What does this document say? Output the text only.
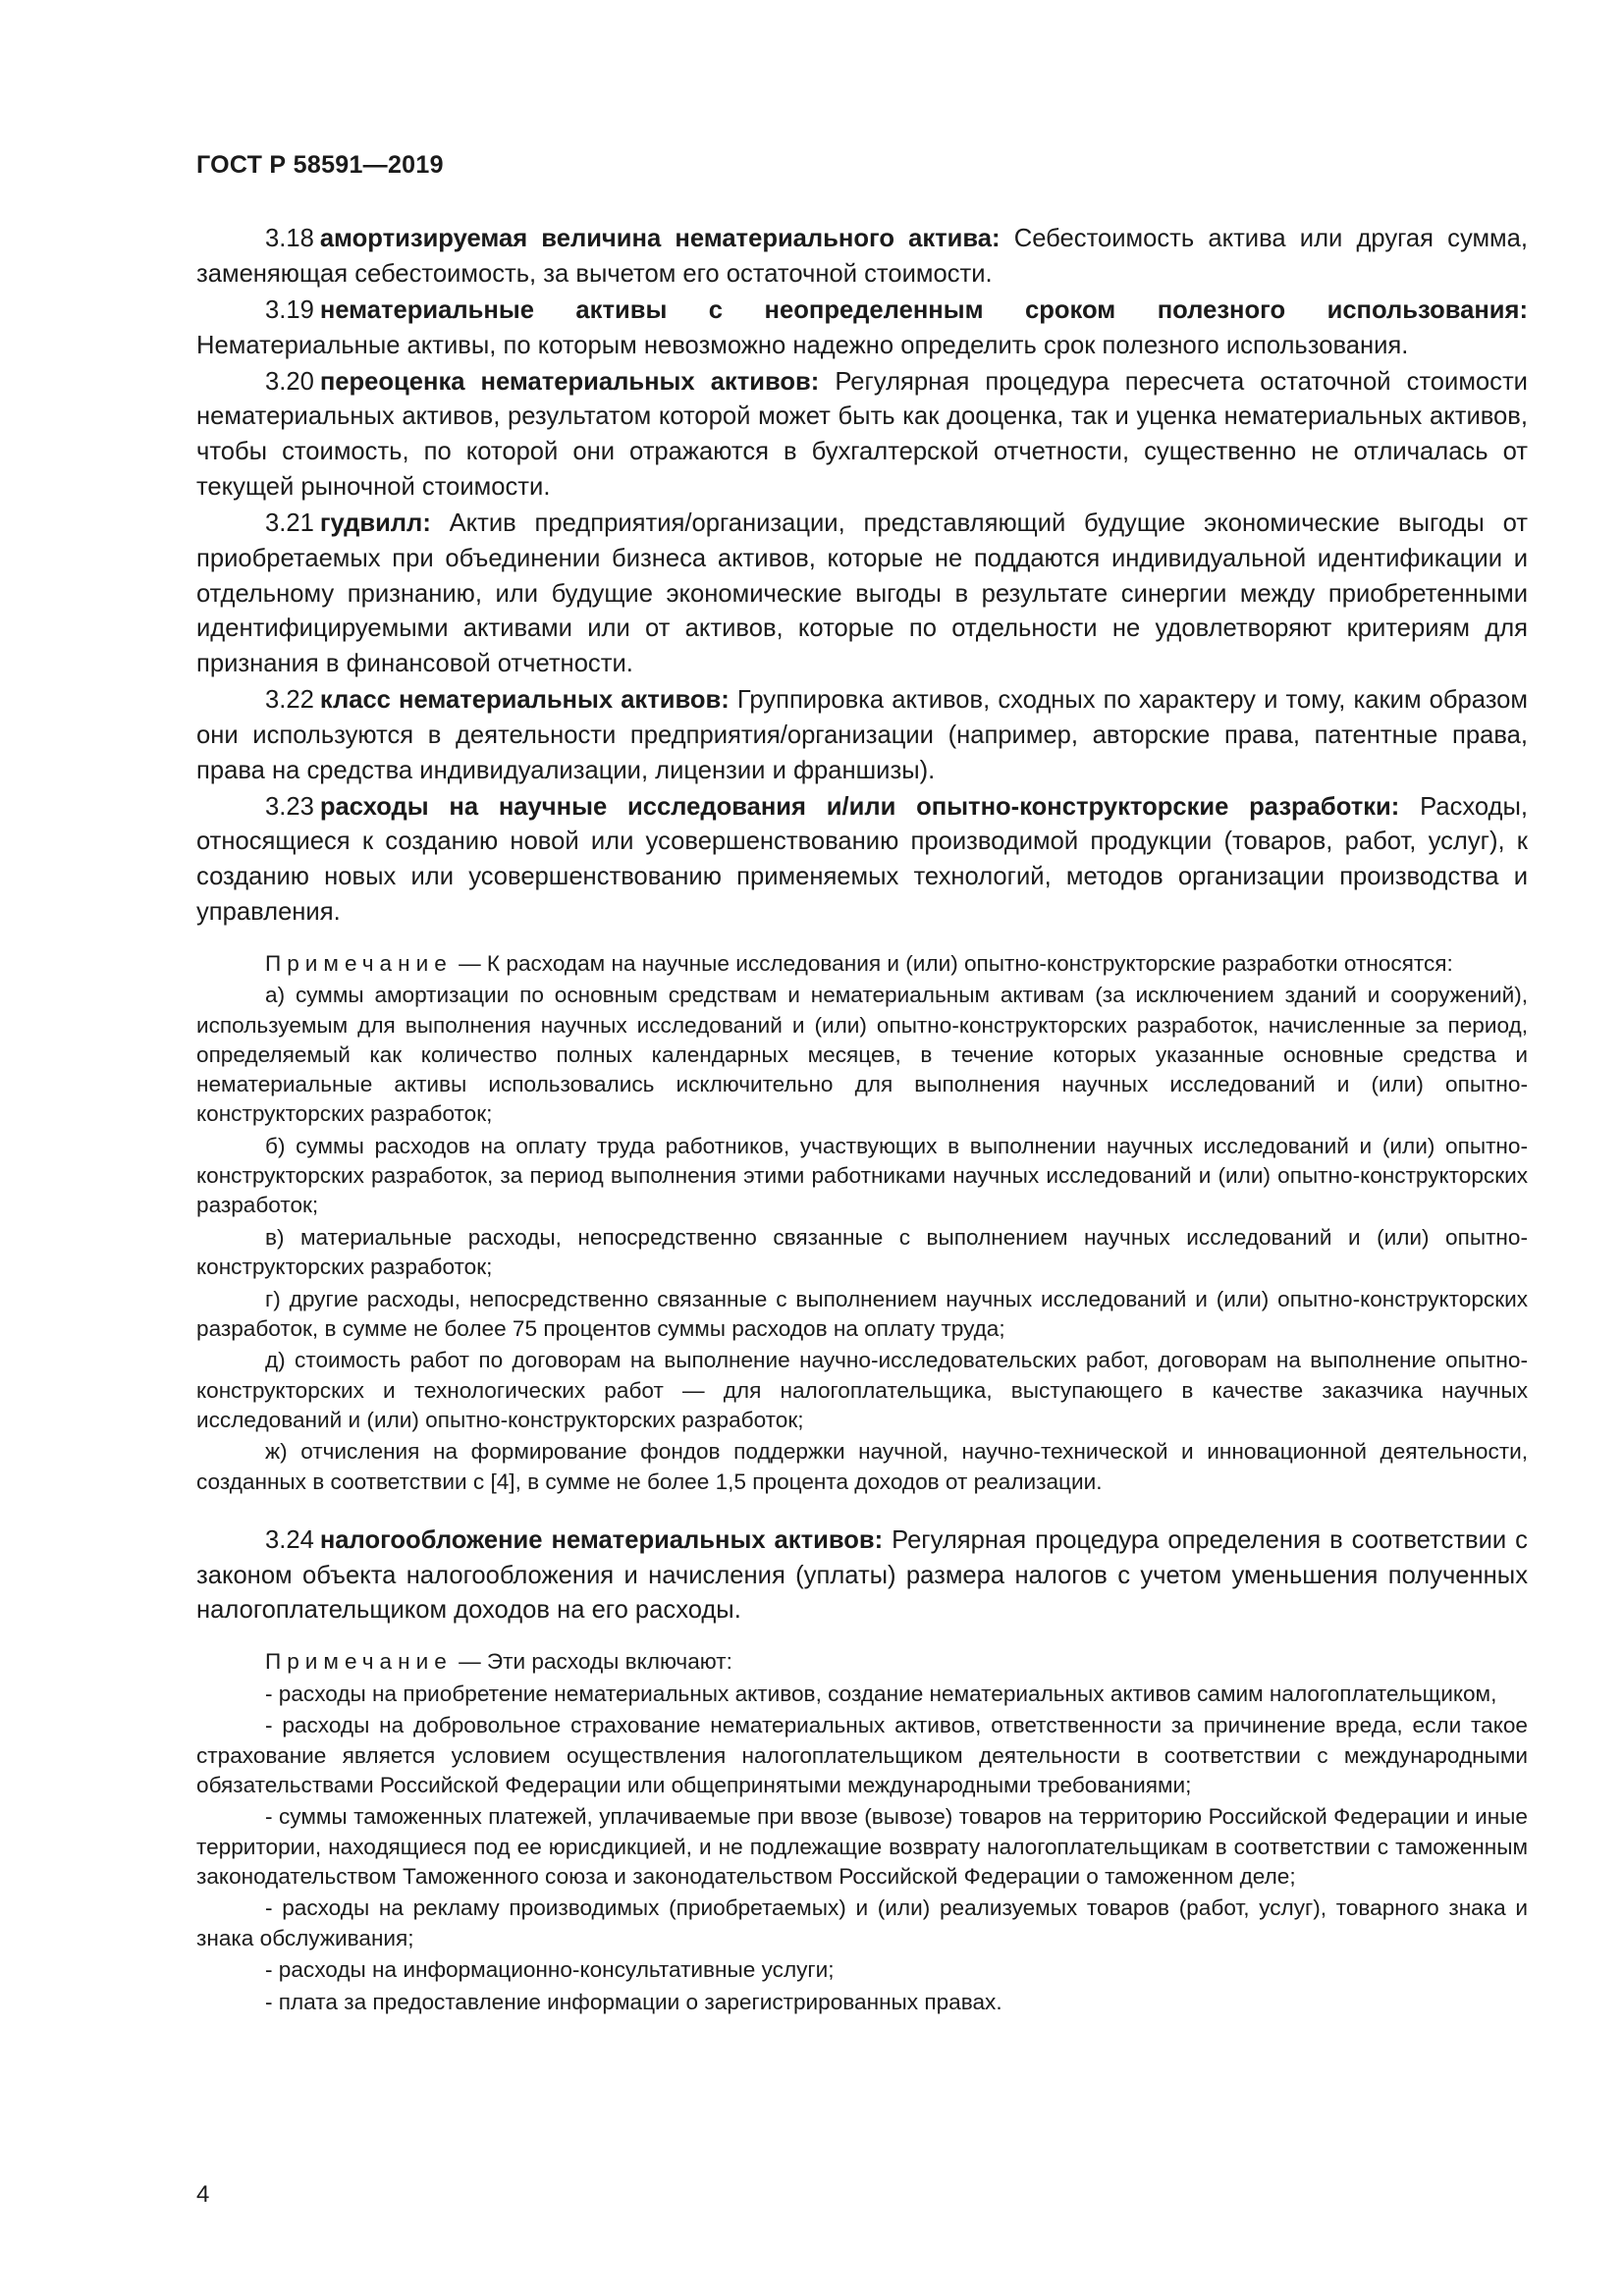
ГОСТ Р 58591—2019

3.18 амортизируемая величина нематериального актива: Себестоимость актива или другая сумма, заменяющая себестоимость, за вычетом его остаточной стоимости.

3.19 нематериальные активы с неопределенным сроком полезного использования: Нематериальные активы, по которым невозможно надежно определить срок полезного использования.

3.20 переоценка нематериальных активов: Регулярная процедура пересчета остаточной стоимости нематериальных активов, результатом которой может быть как дооценка, так и уценка нематериальных активов, чтобы стоимость, по которой они отражаются в бухгалтерской отчетности, существенно не отличалась от текущей рыночной стоимости.

3.21 гудвилл: Актив предприятия/организации, представляющий будущие экономические выгоды от приобретаемых при объединении бизнеса активов, которые не поддаются индивидуальной идентификации и отдельному признанию, или будущие экономические выгоды в результате синергии между приобретенными идентифицируемыми активами или от активов, которые по отдельности не удовлетворяют критериям для признания в финансовой отчетности.

3.22 класс нематериальных активов: Группировка активов, сходных по характеру и тому, каким образом они используются в деятельности предприятия/организации (например, авторские права, патентные права, права на средства индивидуализации, лицензии и франшизы).

3.23 расходы на научные исследования и/или опытно-конструкторские разработки: Расходы, относящиеся к созданию новой или усовершенствованию производимой продукции (товаров, работ, услуг), к созданию новых или усовершенствованию применяемых технологий, методов организации производства и управления.

Примечание — К расходам на научные исследования и (или) опытно-конструкторские разработки относятся:

а) суммы амортизации по основным средствам и нематериальным активам (за исключением зданий и сооружений), используемым для выполнения научных исследований и (или) опытно-конструкторских разработок, начисленные за период, определяемый как количество полных календарных месяцев, в течение которых указанные основные средства и нематериальные активы использовались исключительно для выполнения научных исследований и (или) опытно-конструкторских разработок;

б) суммы расходов на оплату труда работников, участвующих в выполнении научных исследований и (или) опытно-конструкторских разработок, за период выполнения этими работниками научных исследований и (или) опытно-конструкторских разработок;

в) материальные расходы, непосредственно связанные с выполнением научных исследований и (или) опытно-конструкторских разработок;

г) другие расходы, непосредственно связанные с выполнением научных исследований и (или) опытно-конструкторских разработок, в сумме не более 75 процентов суммы расходов на оплату труда;

д) стоимость работ по договорам на выполнение научно-исследовательских работ, договорам на выполнение опытно-конструкторских и технологических работ — для налогоплательщика, выступающего в качестве заказчика научных исследований и (или) опытно-конструкторских разработок;

ж) отчисления на формирование фондов поддержки научной, научно-технической и инновационной деятельности, созданных в соответствии с [4], в сумме не более 1,5 процента доходов от реализации.

3.24 налогообложение нематериальных активов: Регулярная процедура определения в соответствии с законом объекта налогообложения и начисления (уплаты) размера налогов с учетом уменьшения полученных налогоплательщиком доходов на его расходы.

Примечание — Эти расходы включают:

- расходы на приобретение нематериальных активов, создание нематериальных активов самим налогоплательщиком,

- расходы на добровольное страхование нематериальных активов, ответственности за причинение вреда, если такое страхование является условием осуществления налогоплательщиком деятельности в соответствии с международными обязательствами Российской Федерации или общепринятыми международными требованиями;

- суммы таможенных платежей, уплачиваемые при ввозе (вывозе) товаров на территорию Российской Федерации и иные территории, находящиеся под ее юрисдикцией, и не подлежащие возврату налогоплательщикам в соответствии с таможенным законодательством Таможенного союза и законодательством Российской Федерации о таможенном деле;

- расходы на рекламу производимых (приобретаемых) и (или) реализуемых товаров (работ, услуг), товарного знака и знака обслуживания;

- расходы на информационно-консультативные услуги;

- плата за предоставление информации о зарегистрированных правах.

4
